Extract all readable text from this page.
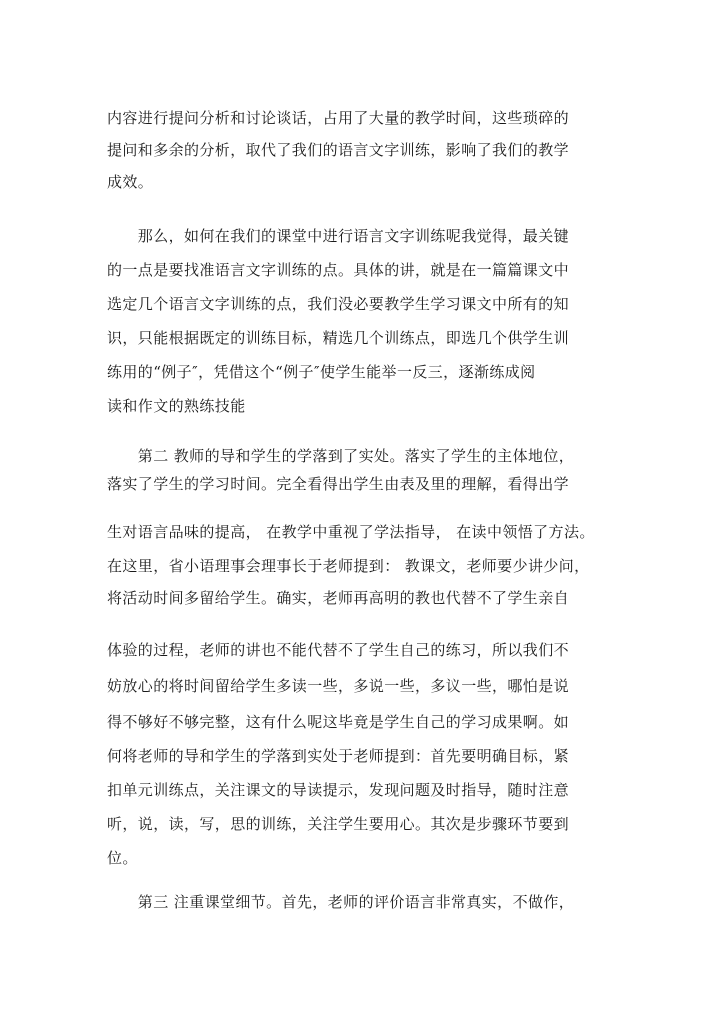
内容进行提问分析和讨论谈话，占用了大量的教学时间，这些琐碎的
提问和多余的分析，取代了我们的语言文字训练，影响了我们的教学
成效。
　　那么，如何在我们的课堂中进行语言文字训练呢我觉得，最关键
的一点是要找准语言文字训练的点。具体的讲，就是在一篇篇课文中
选定几个语言文字训练的点，我们没必要教学生学习课文中所有的知
识，只能根据既定的训练目标，精选几个训练点，即选几个供学生训
练用的“例子″，凭借这个“例子″使学生能举一反三，逐渐练成阅
读和作文的熟练技能
　　第二 教师的导和学生的学落到了实处。落实了学生的主体地位，
落实了学生的学习时间。完全看得出学生由表及里的理解，看得出学
生对语言品味的提高， 在教学中重视了学法指导， 在读中领悟了方法。
在这里，省小语理事会理事长于老师提到： 教课文，老师要少讲少问，
将活动时间多留给学生。确实，老师再高明的教也代替不了学生亲自
体验的过程，老师的讲也不能代替不了学生自己的练习，所以我们不
妨放心的将时间留给学生多读一些，多说一些，多议一些，哪怕是说
得不够好不够完整，这有什么呢这毕竟是学生自己的学习成果啊。如
何将老师的导和学生的学落到实处于老师提到：首先要明确目标，紧
扣单元训练点，关注课文的导读提示，发现问题及时指导，随时注意
听，说，读，写，思的训练，关注学生要用心。其次是步骤环节要到
位。
　　第三 注重课堂细节。首先，老师的评价语言非常真实，不做作，
